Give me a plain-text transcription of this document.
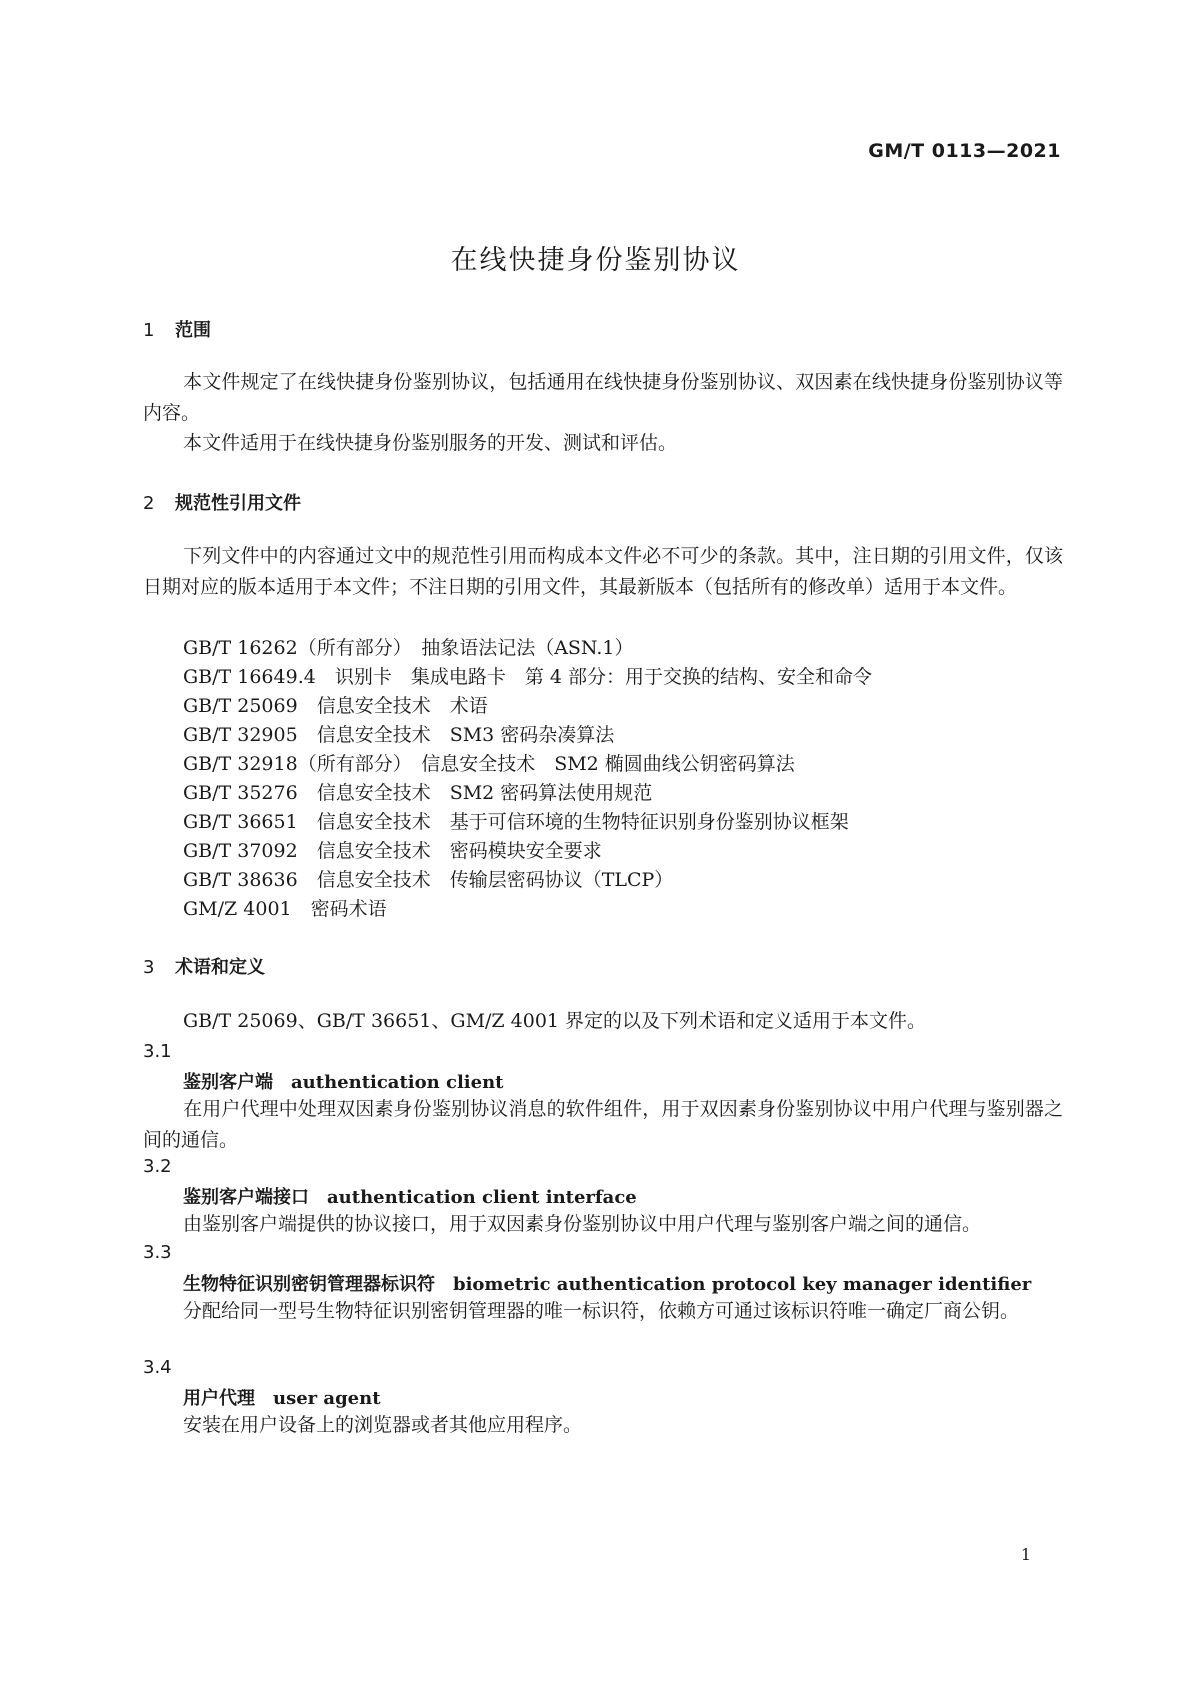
GM/T 0113—2021
在线快捷身份鉴别协议
1 范围
本文件规定了在线快捷身份鉴别协议，包括通用在线快捷身份鉴别协议、双因素在线快捷身份鉴别协议等内容。
本文件适用于在线快捷身份鉴别服务的开发、测试和评估。
2 规范性引用文件
下列文件中的内容通过文中的规范性引用而构成本文件必不可少的条款。其中，注日期的引用文件，仅该日期对应的版本适用于本文件；不注日期的引用文件，其最新版本（包括所有的修改单）适用于本文件。
GB/T 16262（所有部分）　抽象语法记法（ASN.1）
GB/T 16649.4　识别卡　集成电路卡　第 4 部分：用于交换的结构、安全和命令
GB/T 25069　信息安全技术　术语
GB/T 32905　信息安全技术　SM3 密码杂凑算法
GB/T 32918（所有部分）　信息安全技术　SM2 椭圆曲线公钥密码算法
GB/T 35276　信息安全技术　SM2 密码算法使用规范
GB/T 36651　信息安全技术　基于可信环境的生物特征识别身份鉴别协议框架
GB/T 37092　信息安全技术　密码模块安全要求
GB/T 38636　信息安全技术　传输层密码协议（TLCP）
GM/Z 4001　密码术语
3 术语和定义
GB/T 25069、GB/T 36651、GM/Z 4001 界定的以及下列术语和定义适用于本文件。
3.1
鉴别客户端 authentication client
在用户代理中处理双因素身份鉴别协议消息的软件组件，用于双因素身份鉴别协议中用户代理与鉴别器之间的通信。
3.2
鉴别客户端接口 authentication client interface
由鉴别客户端提供的协议接口，用于双因素身份鉴别协议中用户代理与鉴别客户端之间的通信。
3.3
生物特征识别密钥管理器标识符 biometric authentication protocol key manager identifier
分配给同一型号生物特征识别密钥管理器的唯一标识符，依赖方可通过该标识符唯一确定厂商公钥。
3.4
用户代理 user agent
安装在用户设备上的浏览器或者其他应用程序。
1
